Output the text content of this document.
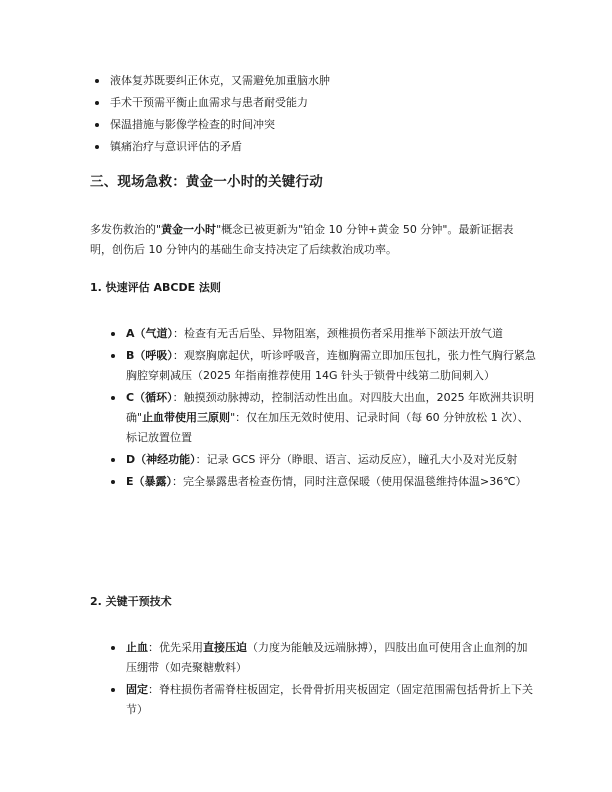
液体复苏既要纠正休克，又需避免加重脑水肿
手术干预需平衡止血需求与患者耐受能力
保温措施与影像学检查的时间冲突
镇痛治疗与意识评估的矛盾
三、现场急救：黄金一小时的关键行动

多发伤救治的"黄金一小时"概念已被更新为"铂金 10 分钟+黄金 50 分钟"。最新证据表明，创伤后 10 分钟内的基础生命支持决定了后续救治成功率。

1. 快速评估 ABCDE 法则
A（气道）：检查有无舌后坠、异物阻塞，颈椎损伤者采用推举下颌法开放气道
B（呼吸）：观察胸廓起伏，听诊呼吸音，连枷胸需立即加压包扎，张力性气胸行紧急胸腔穿刺减压（2025 年指南推荐使用 14G 针头于锁骨中线第二肋间刺入）
C（循环）：触摸颈动脉搏动，控制活动性出血。对四肢大出血，2025 年欧洲共识明确"止血带使用三原则"：仅在加压无效时使用、记录时间（每 60 分钟放松 1 次）、标记放置位置
D（神经功能）：记录 GCS 评分（睁眼、语言、运动反应），瞳孔大小及对光反射
E（暴露）：完全暴露患者检查伤情，同时注意保暖（使用保温毯维持体温>36℃）
2. 关键干预技术
止血：优先采用直接压迫（力度为能触及远端脉搏），四肢出血可使用含止血剂的加压绷带（如壳聚糖敷料）
固定：脊柱损伤者需脊柱板固定，长骨骨折用夹板固定（固定范围需包括骨折上下关节）
